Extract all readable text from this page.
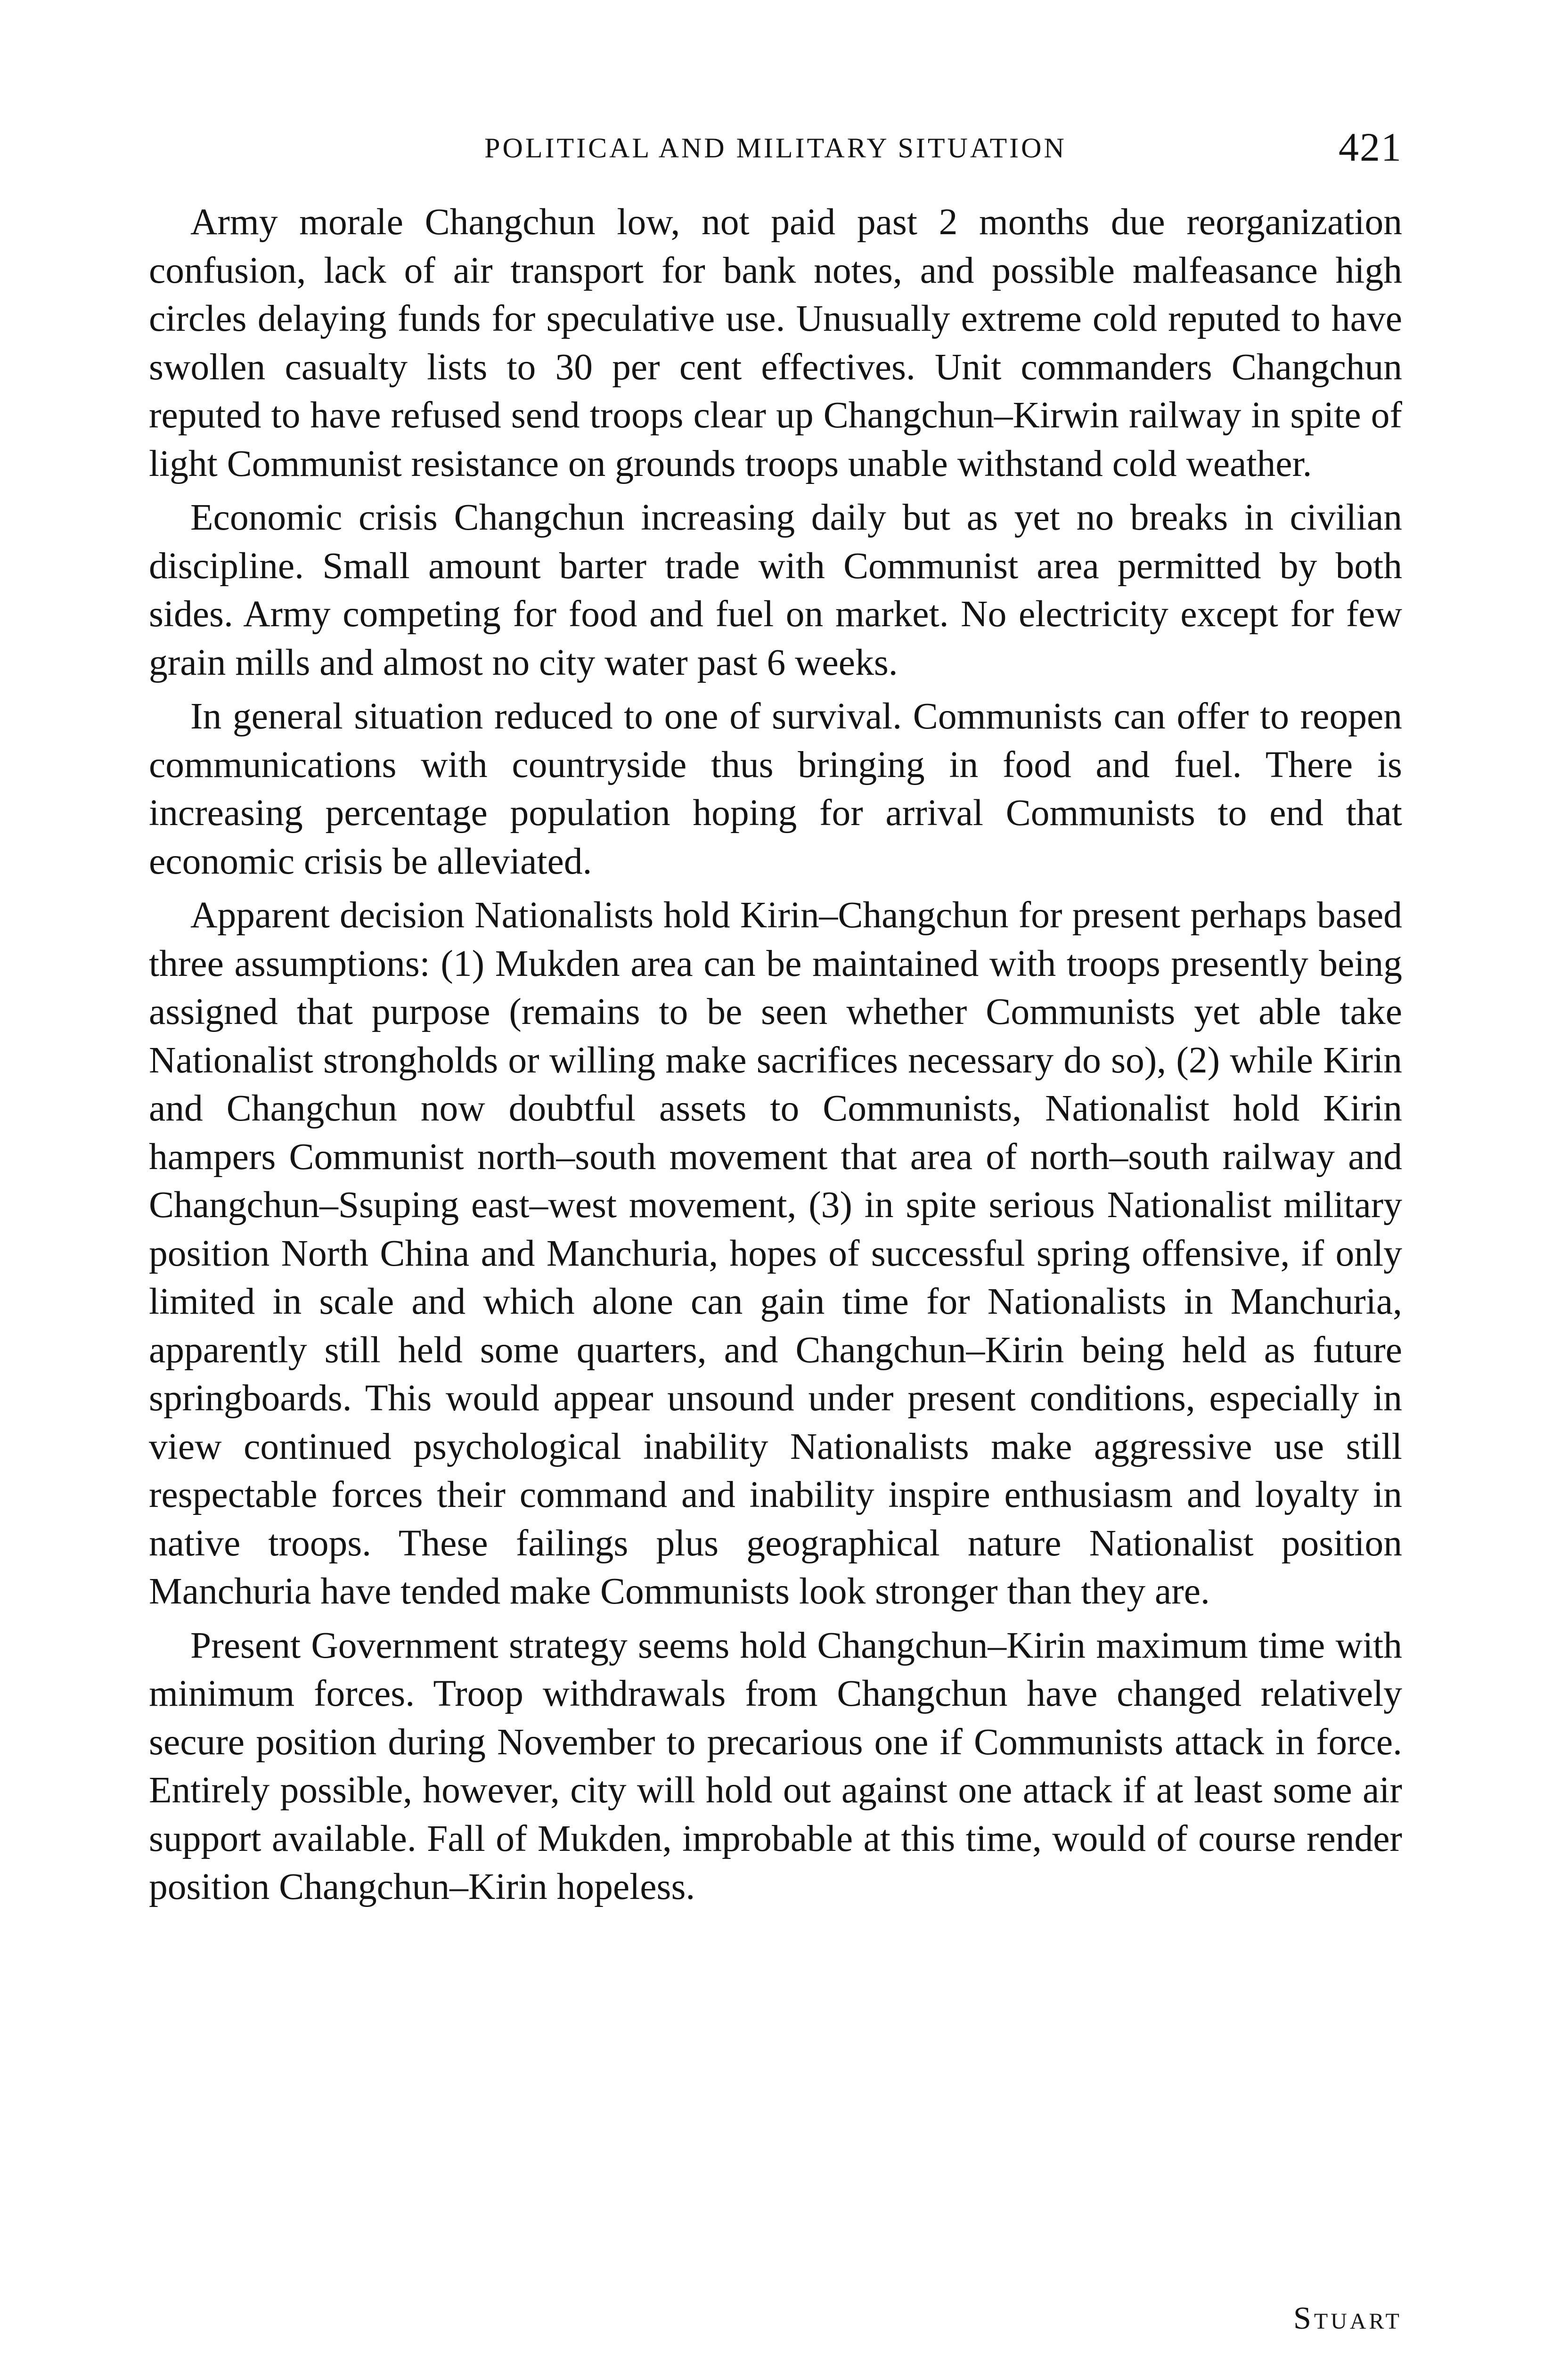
POLITICAL AND MILITARY SITUATION	421

Army morale Changchun low, not paid past 2 months due reorganization confusion, lack of air transport for bank notes, and possible malfeasance high circles delaying funds for speculative use. Unusually extreme cold reputed to have swollen casualty lists to 30 per cent effectives. Unit commanders Changchun reputed to have refused send troops clear up Changchun–Kirwin railway in spite of light Communist resistance on grounds troops unable withstand cold weather.

Economic crisis Changchun increasing daily but as yet no breaks in civilian discipline. Small amount barter trade with Communist area permitted by both sides. Army competing for food and fuel on market. No electricity except for few grain mills and almost no city water past 6 weeks.

In general situation reduced to one of survival. Communists can offer to reopen communications with countryside thus bringing in food and fuel. There is increasing percentage population hoping for arrival Communists to end that economic crisis be alleviated.

Apparent decision Nationalists hold Kirin–Changchun for present perhaps based three assumptions: (1) Mukden area can be maintained with troops presently being assigned that purpose (remains to be seen whether Communists yet able take Nationalist strongholds or willing make sacrifices necessary do so), (2) while Kirin and Changchun now doubtful assets to Communists, Nationalist hold Kirin hampers Communist north–south movement that area of north–south railway and Changchun–Ssuping east–west movement, (3) in spite serious Nationalist military position North China and Manchuria, hopes of successful spring offensive, if only limited in scale and which alone can gain time for Nationalists in Manchuria, apparently still held some quarters, and Changchun–Kirin being held as future springboards. This would appear unsound under present conditions, especially in view continued psychological inability Nationalists make aggressive use still respectable forces their command and inability inspire enthusiasm and loyalty in native troops. These failings plus geographical nature Nationalist position Manchuria have tended make Communists look stronger than they are.

Present Government strategy seems hold Changchun–Kirin maximum time with minimum forces. Troop withdrawals from Changchun have changed relatively secure position during November to precarious one if Communists attack in force. Entirely possible, however, city will hold out against one attack if at least some air support available. Fall of Mukden, improbable at this time, would of course render position Changchun–Kirin hopeless.

Stuart
